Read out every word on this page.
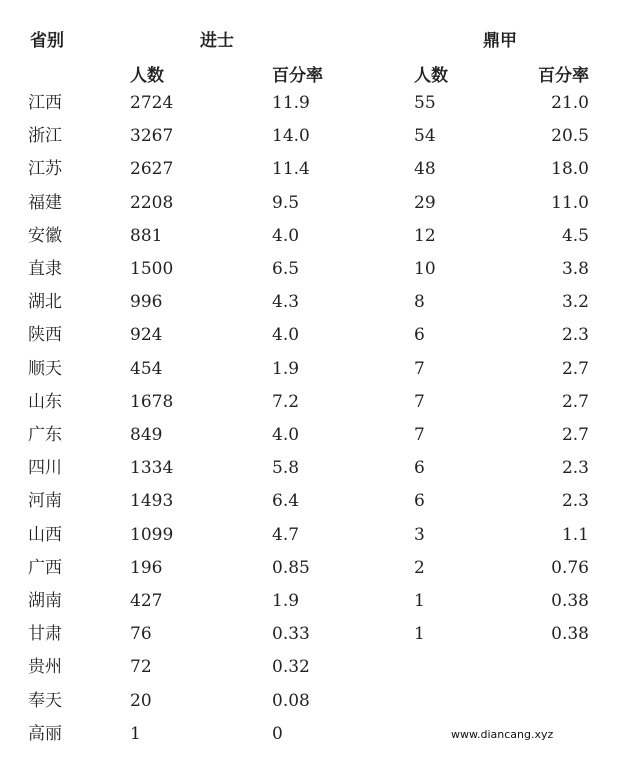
省别	进士	鼎甲
人数	百分率	人数	百分率
江西	2724	11.9	55	21.0
浙江	3267	14.0	54	20.5
江苏	2627	11.4	48	18.0
福建	2208	9.5	29	11.0
安徽	881	4.0	12	4.5
直隶	1500	6.5	10	3.8
湖北	996	4.3	8	3.2
陕西	924	4.0	6	2.3
顺天	454	1.9	7	2.7
山东	1678	7.2	7	2.7
广东	849	4.0	7	2.7
四川	1334	5.8	6	2.3
河南	1493	6.4	6	2.3
山西	1099	4.7	3	1.1
广西	196	0.85	2	0.76
湖南	427	1.9	1	0.38
甘肃	76	0.33	1	0.38
贵州	72	0.32
奉天	20	0.08
高丽	1	0	www.diancang.xyz
